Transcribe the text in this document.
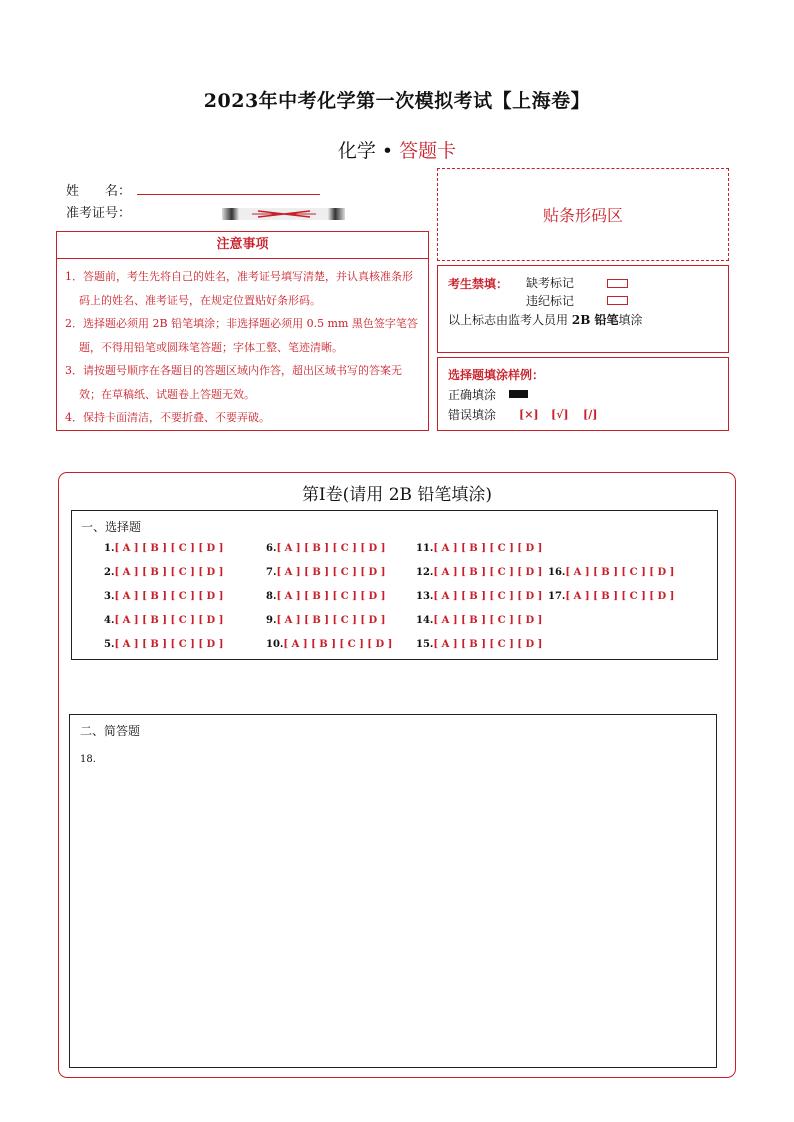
2023年中考化学第一次模拟考试【上海卷】
化学 • 答题卡
姓　　名：
准考证号：
注意事项
1．答题前，考生先将自己的姓名，准考证号填写清楚，并认真核准条形码上的姓名、准考证号，在规定位置贴好条形码。
2．选择题必须用 2B 铅笔填涂；非选择题必须用 0.5 mm 黑色签字笔答题，不得用铅笔或圆珠笔答题；字体工整、笔迹清晰。
3．请按题号顺序在各题目的答题区域内作答，超出区域书写的答案无效；在草稿纸、试题卷上答题无效。
4．保持卡面清洁，不要折叠、不要弄破。
贴条形码区
考生禁填： 缺考标记
违纪标记
以上标志由监考人员用 2B 铅笔填涂
选择题填涂样例：
正确填涂
错误填涂 [×] [√] [/]
第Ⅰ卷(请用 2B 铅笔填涂)
一、选择题
1.[ A ] [ B ] [ C ] [ D ]
2.[ A ] [ B ] [ C ] [ D ]
3.[ A ] [ B ] [ C ] [ D ]
4.[ A ] [ B ] [ C ] [ D ]
5.[ A ] [ B ] [ C ] [ D ]
6.[ A ] [ B ] [ C ] [ D ]
7.[ A ] [ B ] [ C ] [ D ]
8.[ A ] [ B ] [ C ] [ D ]
9.[ A ] [ B ] [ C ] [ D ]
10.[ A ] [ B ] [ C ] [ D ]
11.[ A ] [ B ] [ C ] [ D ]
12.[ A ] [ B ] [ C ] [ D ]
13.[ A ] [ B ] [ C ] [ D ]
14.[ A ] [ B ] [ C ] [ D ]
15.[ A ] [ B ] [ C ] [ D ]
16.[ A ] [ B ] [ C ] [ D ]
17.[ A ] [ B ] [ C ] [ D ]
二、简答题
18.
